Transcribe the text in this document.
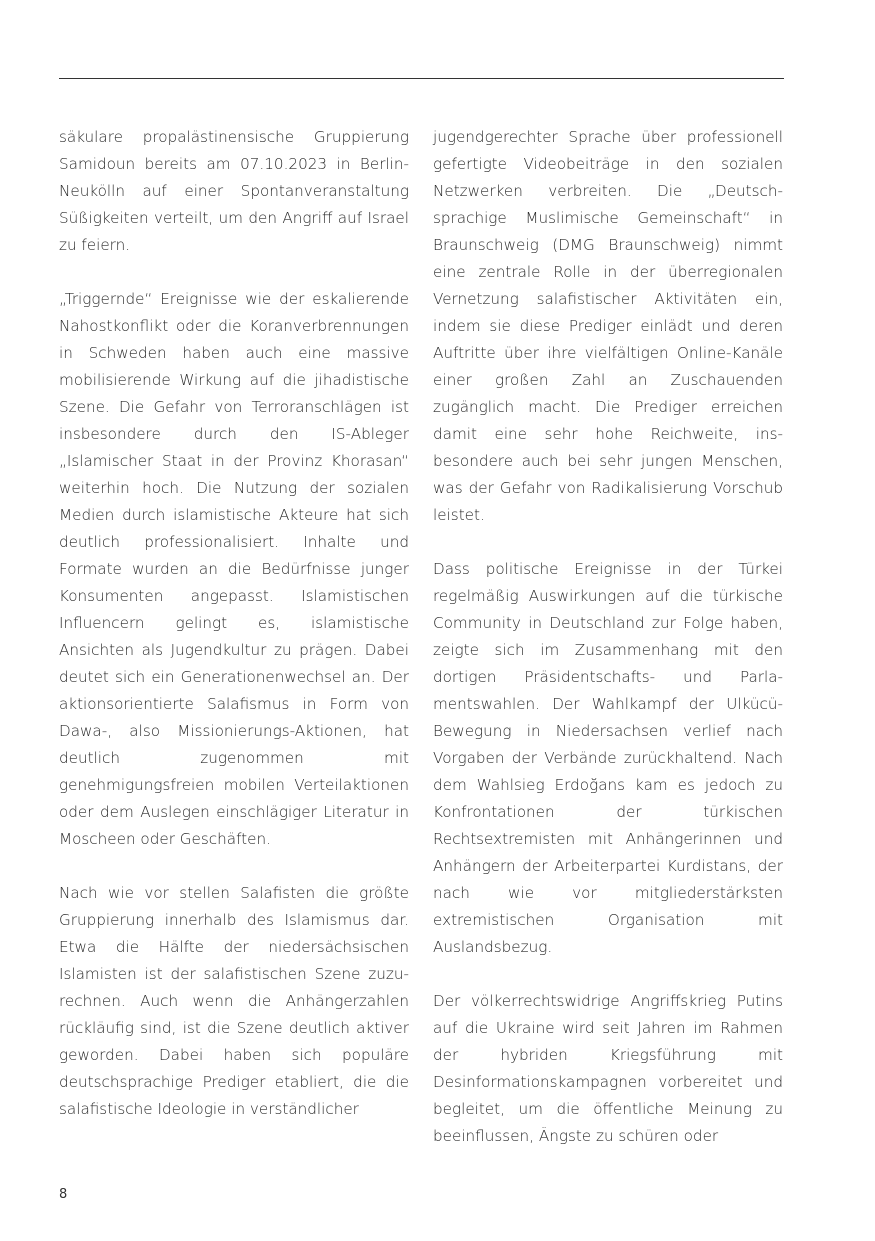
säkulare propalästinensische Gruppierung Samidoun bereits am 07.10.2023 in Berlin-Neukölln auf einer Spontanveranstaltung Süßigkeiten verteilt, um den Angriff auf Israel zu feiern.

„Triggernde“ Ereignisse wie der eskalierende Nahostkonflikt oder die Koranverbrennungen in Schweden haben auch eine massive mobilisierende Wirkung auf die jihadistische Szene. Die Gefahr von Terroranschlägen ist insbesondere durch den IS-Ableger „Islamischer Staat in der Provinz Khorasan“ weiterhin hoch. Die Nutzung der sozialen Medien durch islamistische Akteure hat sich deutlich professionalisiert. Inhalte und Formate wurden an die Bedürfnisse junger Konsumenten angepasst. Islamistischen Influencern gelingt es, islamistische Ansichten als Jugendkultur zu prägen. Dabei deutet sich ein Generationenwechsel an. Der aktionsorientierte Salafismus in Form von Dawa-, also Missionierungs-Aktionen, hat deutlich zugenommen mit genehmigungsfreien mobilen Verteilaktionen oder dem Auslegen einschlägiger Literatur in Moscheen oder Geschäften.

Nach wie vor stellen Salafisten die größte Gruppierung innerhalb des Islamismus dar. Etwa die Hälfte der niedersächsischen Islamisten ist der salafistischen Szene zuzurechnen. Auch wenn die Anhängerzahlen rückläufig sind, ist die Szene deutlich aktiver geworden. Dabei haben sich populäre deutschsprachige Prediger etabliert, die die salafistische Ideologie in verständlicher

jugendgerechter Sprache über professionell gefertigte Videobeiträge in den sozialen Netzwerken verbreiten. Die „Deutschsprachige Muslimische Gemeinschaft“ in Braunschweig (DMG Braunschweig) nimmt eine zentrale Rolle in der überregionalen Vernetzung salafistischer Aktivitäten ein, indem sie diese Prediger einlädt und deren Auftritte über ihre vielfältigen Online-Kanäle einer großen Zahl an Zuschauenden zugänglich macht. Die Prediger erreichen damit eine sehr hohe Reichweite, insbesondere auch bei sehr jungen Menschen, was der Gefahr von Radikalisierung Vorschub leistet.

Dass politische Ereignisse in der Türkei regelmäßig Auswirkungen auf die türkische Community in Deutschland zur Folge haben, zeigte sich im Zusammenhang mit den dortigen Präsidentschafts- und Parlamentswahlen. Der Wahlkampf der Ulkücü-Bewegung in Niedersachsen verlief nach Vorgaben der Verbände zurückhaltend. Nach dem Wahlsieg Erdoğans kam es jedoch zu Konfrontationen der türkischen Rechtsextremisten mit Anhängerinnen und Anhängern der Arbeiterpartei Kurdistans, der nach wie vor mitgliederstärksten extremistischen Organisation mit Auslandsbezug.

Der völkerrechtswidrige Angriffskrieg Putins auf die Ukraine wird seit Jahren im Rahmen der hybriden Kriegsführung mit Desinformationskampagnen vorbereitet und begleitet, um die öffentliche Meinung zu beeinflussen, Ängste zu schüren oder

8
